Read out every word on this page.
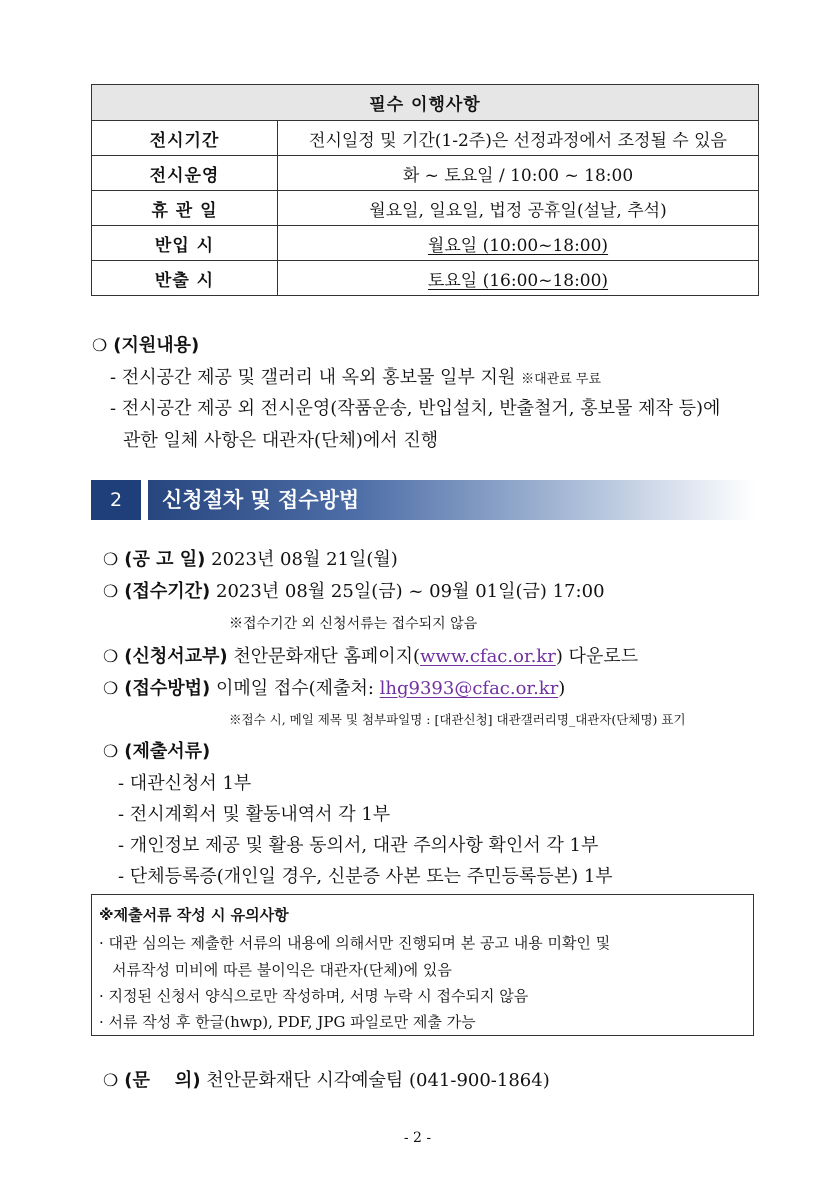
필수 이행사항	
전시기간	전시일정 및 기간(1-2주)은 선정과정에서 조정될 수 있음
전시운영	화 ~ 토요일 / 10:00 ~ 18:00
휴 관 일	월요일, 일요일, 법정 공휴일(설날, 추석)
반입 시	월요일 (10:00~18:00)
반출 시	토요일 (16:00~18:00)
❍ (지원내용)
- 전시공간 제공 및 갤러리 내 옥외 홍보물 일부 지원 ※대관료 무료
- 전시공간 제공 외 전시운영(작품운송, 반입설치, 반출철거, 홍보물 제작 등)에
관한 일체 사항은 대관자(단체)에서 진행
2	신청절차 및 접수방법
❍ (공 고 일) 2023년 08월 21일(월)
❍ (접수기간) 2023년 08월 25일(금) ~ 09월 01일(금) 17:00
※접수기간 외 신청서류는 접수되지 않음
❍ (신청서교부) 천안문화재단 홈페이지(www.cfac.or.kr) 다운로드
❍ (접수방법) 이메일 접수(제출처: lhg9393@cfac.or.kr)
※접수 시, 메일 제목 및 첨부파일명 : [대관신청] 대관갤러리명_대관자(단체명) 표기
❍ (제출서류)
- 대관신청서 1부
- 전시계획서 및 활동내역서 각 1부
- 개인정보 제공 및 활용 동의서, 대관 주의사항 확인서 각 1부
- 단체등록증(개인일 경우, 신분증 사본 또는 주민등록등본) 1부
※제출서류 작성 시 유의사항
· 대관 심의는 제출한 서류의 내용에 의해서만 진행되며 본 공고 내용 미확인 및
서류작성 미비에 따른 불이익은 대관자(단체)에 있음
· 지정된 신청서 양식으로만 작성하며, 서명 누락 시 접수되지 않음
· 서류 작성 후 한글(hwp), PDF, JPG 파일로만 제출 가능
❍ (문    의) 천안문화재단 시각예술팀 (041-900-1864)
- 2 -
